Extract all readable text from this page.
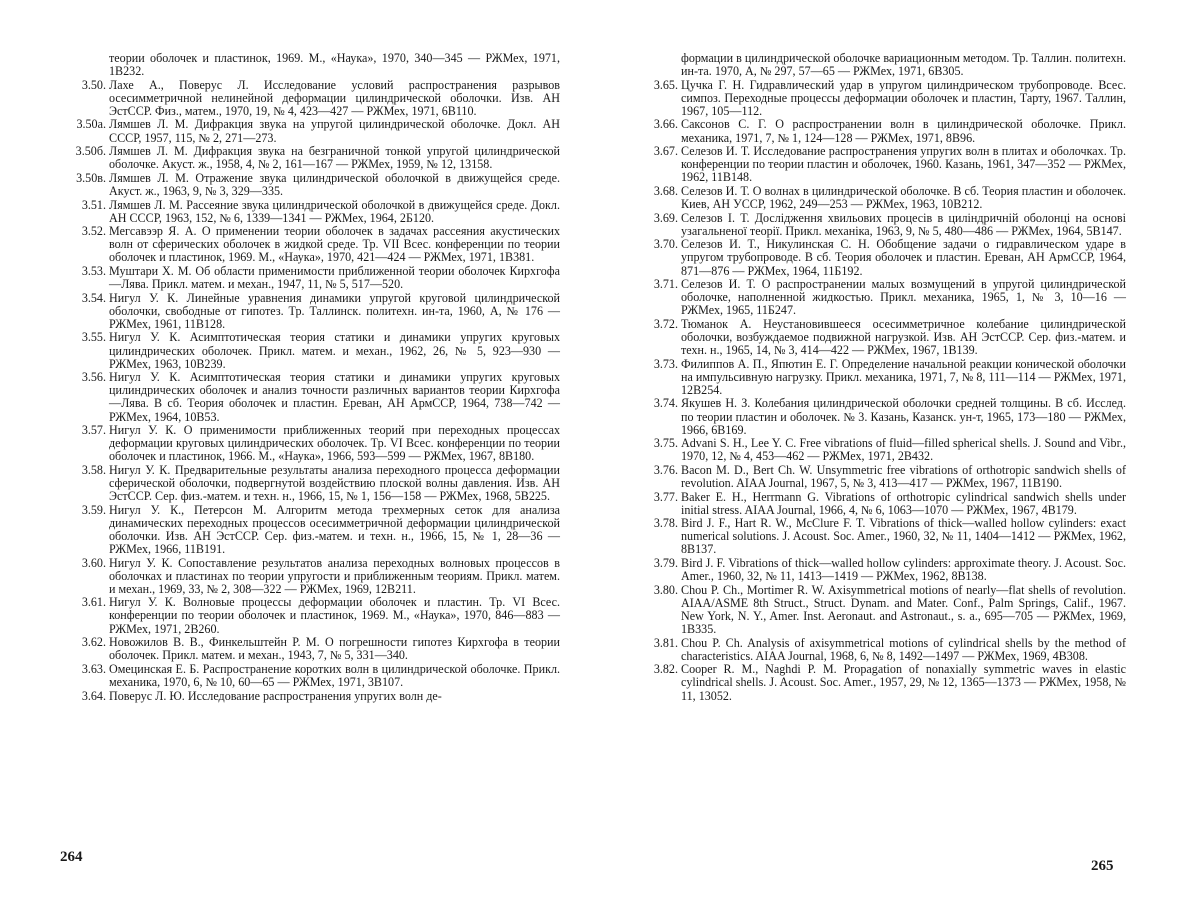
теории оболочек и пластинок, 1969. М., «Наука», 1970, 340—345 — РЖМех, 1971, 1В232.
3.50. Лахе А., Поверус Л. Исследование условий распространения разрывов осесимметричной нелинейной деформации цилиндрической оболочки. Изв. АН ЭстССР. Физ., матем., 1970, 19, № 4, 423—427 — РЖМех, 1971, 6В110.
3.50а. Лямшев Л. М. Дифракция звука на упругой цилиндрической оболочке. Докл. АН СССР, 1957, 115, № 2, 271—273.
3.50б. Лямшев Л. М. Дифракция звука на безграничной тонкой упругой цилиндрической оболочке. Акуст. ж., 1958, 4, № 2, 161—167 — РЖМех, 1959, № 12, 13158.
3.50в. Лямшев Л. М. Отражение звука цилиндрической оболочкой в движущейся среде. Акуст. ж., 1963, 9, № 3, 329—335.
3.51. Лямшев Л. М. Рассеяние звука цилиндрической оболочкой в движущейся среде. Докл. АН СССР, 1963, 152, № 6, 1339—1341 — РЖМех, 1964, 2Б120.
3.52. Мегсавээр Я. А. О применении теории оболочек в задачах рассеяния акустических волн от сферических оболочек в жидкой среде. Тр. VII Всес. конференции по теории оболочек и пластинок, 1969. М., «Наука», 1970, 421—424 — РЖМех, 1971, 1В381.
3.53. Муштари Х. М. Об области применимости приближенной теории оболочек Кирхгофа—Лява. Прикл. матем. и механ., 1947, 11, № 5, 517—520.
3.54. Нигул У. К. Линейные уравнения динамики упругой круговой цилиндрической оболочки, свободные от гипотез. Тр. Таллинск. политехн. ин-та, 1960, А, № 176 — РЖМех, 1961, 11В128.
3.55. Нигул У. К. Асимптотическая теория статики и динамики упругих круговых цилиндрических оболочек. Прикл. матем. и механ., 1962, 26, № 5, 923—930 — РЖМех, 1963, 10В239.
3.56. Нигул У. К. Асимптотическая теория статики и динамики упругих круговых цилиндрических оболочек и анализ точности различных вариантов теории Кирхгофа—Лява. В сб. Теория оболочек и пластин. Ереван, АН АрмССР, 1964, 738—742 — РЖМех, 1964, 10В53.
3.57. Нигул У. К. О применимости приближенных теорий при переходных процессах деформации круговых цилиндрических оболочек. Тр. VI Всес. конференции по теории оболочек и пластинок, 1966. М., «Наука», 1966, 593—599 — РЖМех, 1967, 8В180.
3.58. Нигул У. К. Предварительные результаты анализа переходного процесса деформации сферической оболочки, подвергнутой воздействию плоской волны давления. Изв. АН ЭстССР. Сер. физ.-матем. и техн. н., 1966, 15, № 1, 156—158 — РЖМех, 1968, 5В225.
3.59. Нигул У. К., Петерсон М. Алгоритм метода трехмерных сеток для анализа динамических переходных процессов осесимметричной деформации цилиндрической оболочки. Изв. АН ЭстССР. Сер. физ.-матем. и техн. н., 1966, 15, № 1, 28—36 — РЖМех, 1966, 11В191.
3.60. Нигул У. К. Сопоставление результатов анализа переходных волновых процессов в оболочках и пластинах по теории упругости и приближенным теориям. Прикл. матем. и механ., 1969, 33, № 2, 308—322 — РЖМех, 1969, 12В211.
3.61. Нигул У. К. Волновые процессы деформации оболочек и пластин. Тр. VI Всес. конференции по теории оболочек и пластинок, 1969. М., «Наука», 1970, 846—883 — РЖМех, 1971, 2В260.
3.62. Новожилов В. В., Финкельштейн Р. М. О погрешности гипотез Кирхгофа в теории оболочек. Прикл. матем. и механ., 1943, 7, № 5, 331—340.
3.63. Омецинская Е. Б. Распространение коротких волн в цилиндрической оболочке. Прикл. механика, 1970, 6, № 10, 60—65 — РЖМех, 1971, 3В107.
3.64. Поверус Л. Ю. Исследование распространения упругих волн де-
264
формации в цилиндрической оболочке вариационным методом. Тр. Таллин. политехн. ин-та. 1970, А, № 297, 57—65 — РЖМех, 1971, 6В305.
3.65. Цучка Г. Н. Гидравлический удар в упругом цилиндрическом трубопроводе. Всес. симпоз. Переходные процессы деформации оболочек и пластин, Тарту, 1967. Таллин, 1967, 105—112.
3.66. Саксонов С. Г. О распространении волн в цилиндрической оболочке. Прикл. механика, 1971, 7, № 1, 124—128 — РЖМех, 1971, 8В96.
3.67. Селезов И. Т. Исследование распространения упругих волн в плитах и оболочках. Тр. конференции по теории пластин и оболочек, 1960. Казань, 1961, 347—352 — РЖМех, 1962, 11В148.
3.68. Селезов И. Т. О волнах в цилиндрической оболочке. В сб. Теория пластин и оболочек. Киев, АН УССР, 1962, 249—253 — РЖМех, 1963, 10В212.
3.69. Селезов І. Т. Дослідження хвильових процесів в циліндричній оболонці на основі узагальненої теорії. Прикл. механіка, 1963, 9, № 5, 480—486 — РЖМех, 1964, 5В147.
3.70. Селезов И. Т., Никулинская С. Н. Обобщение задачи о гидравлическом ударе в упругом трубопроводе. В сб. Теория оболочек и пластин. Ереван, АН АрмССР, 1964, 871—876 — РЖМех, 1964, 11Б192.
3.71. Селезов И. Т. О распространении малых возмущений в упругой цилиндрической оболочке, наполненной жидкостью. Прикл. механика, 1965, 1, № 3, 10—16 — РЖМех, 1965, 11Б247.
3.72. Тюманок А. Неустановившееся осесимметричное колебание цилиндрической оболочки, возбуждаемое подвижной нагрузкой. Изв. АН ЭстССР. Сер. физ.-матем. и техн. н., 1965, 14, № 3, 414—422 — РЖМех, 1967, 1В139.
3.73. Филиппов А. П., Япютин Е. Г. Определение начальной реакции конической оболочки на импульсивную нагрузку. Прикл. механика, 1971, 7, № 8, 111—114 — РЖМех, 1971, 12В254.
3.74. Якушев Н. З. Колебания цилиндрической оболочки средней толщины. В сб. Исслед. по теории пластин и оболочек. № 3. Казань, Казанск. ун-т, 1965, 173—180 — РЖМех, 1966, 6В169.
3.75. Advani S. H., Lee Y. C. Free vibrations of fluid—filled spherical shells. J. Sound and Vibr., 1970, 12, № 4, 453—462 — РЖМех, 1971, 2В432.
3.76. Bacon M. D., Bert Ch. W. Unsymmetric free vibrations of orthotropic sandwich shells of revolution. AIAA Journal, 1967, 5, № 3, 413—417 — РЖМех, 1967, 11В190.
3.77. Baker E. H., Herrmann G. Vibrations of orthotropic cylindrical sandwich shells under initial stress. AIAA Journal, 1966, 4, № 6, 1063—1070 — РЖМех, 1967, 4В179.
3.78. Bird J. F., Hart R. W., McClure F. T. Vibrations of thick—walled hollow cylinders: exact numerical solutions. J. Acoust. Soc. Amer., 1960, 32, № 11, 1404—1412 — РЖМех, 1962, 8В137.
3.79. Bird J. F. Vibrations of thick—walled hollow cylinders: approximate theory. J. Acoust. Soc. Amer., 1960, 32, № 11, 1413—1419 — РЖМех, 1962, 8В138.
3.80. Chou P. Ch., Mortimer R. W. Axisymmetrical motions of nearly—flat shells of revolution. AIAA/ASME 8th Struct., Struct. Dynam. and Mater. Conf., Palm Springs, Calif., 1967. New York, N. Y., Amer. Inst. Aeronaut. and Astronaut., s. a., 695—705 — РЖМех, 1969, 1В335.
3.81. Chou P. Ch. Analysis of axisymmetrical motions of cylindrical shells by the method of characteristics. AIAA Journal, 1968, 6, № 8, 1492—1497 — РЖМех, 1969, 4В308.
3.82. Cooper R. M., Naghdi P. M. Propagation of nonaxially symmetric waves in elastic cylindrical shells. J. Acoust. Soc. Amer., 1957, 29, № 12, 1365—1373 — РЖМех, 1958, № 11, 13052.
265
